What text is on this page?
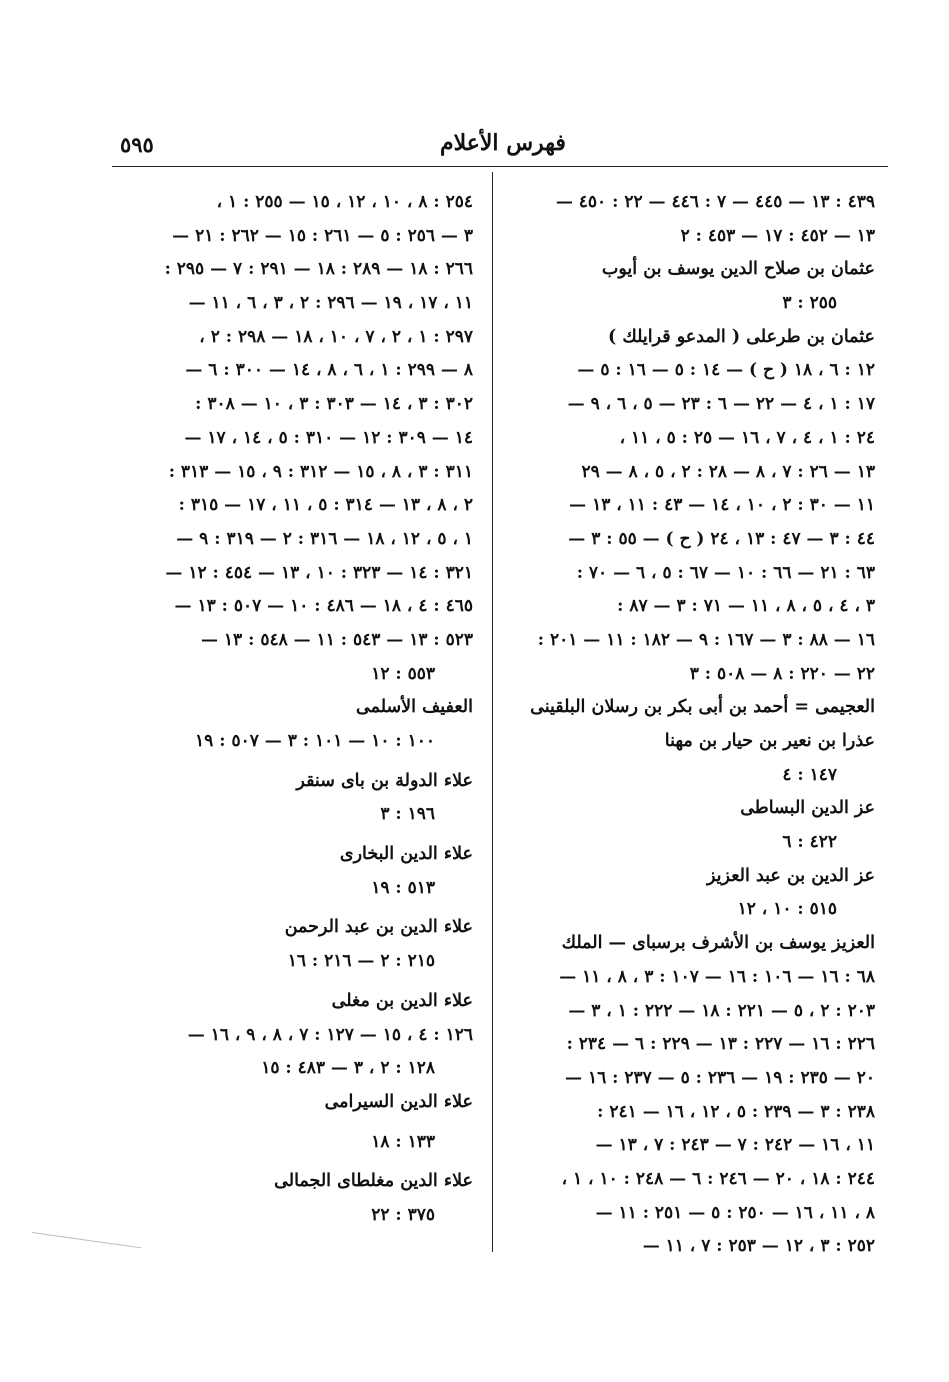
٥٩٥	فهرس الأعلام
٤٣٩ : ١٣ — ٤٤٥ — ٧ : ٤٤٦ — ٢٢ : ٤٥٠ —
١٣ — ٤٥٢ : ١٧ — ٤٥٣ : ٢
عثمان بن صلاح الدين يوسف بن أيوب
٢٥٥ : ٣
عثمان بن طرعلى ( المدعو قرايلك )
١٢ : ٦ ، ١٨ ( ح ) — ١٤ : ٥ — ١٦ : ٥ —
١٧ : ١ ، ٤ — ٢٢ — ٦ : ٢٣ — ٥ ، ٦ ، ٩ —
٢٤ : ١ ، ٤ ، ٧ ، ١٦ — ٢٥ : ٥ ، ١١ ،
١٣ — ٢٦ : ٧ ، ٨ — ٢٨ : ٢ ، ٥ ، ٨ — ٢٩
١١ — ٣٠ : ٢ ، ١٠ ، ١٤ — ٤٣ : ١١ ، ١٣ —
٤٤ : ٣ — ٤٧ : ١٣ ، ٢٤ ( ح ) — ٥٥ : ٣ —
٦٣ : ٢١ — ٦٦ : ١٠ — ٦٧ : ٥ ، ٦ — ٧٠ :
٣ ، ٤ ، ٥ ، ٨ ، ١١ — ٧١ : ٣ — ٨٧ :
١٦ — ٨٨ : ٣ — ١٦٧ : ٩ — ١٨٢ : ١١ — ٢٠١ :
٢٢ — ٢٢٠ : ٨ — ٥٠٨ : ٣
العجيمى = أحمد بن أبى بكر بن رسلان البلقينى
عذرا بن نعير بن حيار بن مهنا
١٤٧ : ٤
عز الدين البساطى
٤٢٢ : ٦
عز الدين بن عبد العزيز
٥١٥ : ١٠ ، ١٢
العزيز يوسف بن الأشرف برسباى — الملك
٦٨ : ١٦ — ١٠٦ : ١٦ — ١٠٧ : ٣ ، ٨ ، ١١ —
٢٠٣ : ٢ ، ٥ — ٢٢١ : ١٨ — ٢٢٢ : ١ ، ٣ —
٢٢٦ : ١٦ — ٢٢٧ : ١٣ — ٢٢٩ : ٦ — ٢٣٤ :
٢٠ — ٢٣٥ : ١٩ — ٢٣٦ : ٥ — ٢٣٧ : ١٦ —
٢٣٨ : ٣ — ٢٣٩ : ٥ ، ١٢ ، ١٦ — ٢٤١ :
١١ ، ١٦ — ٢٤٢ : ٧ — ٢٤٣ : ٧ ، ١٣ —
٢٤٤ : ١٨ ، ٢٠ — ٢٤٦ : ٦ — ٢٤٨ : ١٠ ، ١ ،
٨ ، ١١ ، ١٦ — ٢٥٠ : ٥ — ٢٥١ : ١١ —
٢٥٢ : ٣ ، ١٢ — ٢٥٣ : ٧ ، ١١ —
٢٥٤ : ٨ ، ١٠ ، ١٢ ، ١٥ — ٢٥٥ : ١ ،
٣ — ٢٥٦ : ٥ — ٢٦١ : ١٥ — ٢٦٢ : ٢١ —
٢٦٦ : ١٨ — ٢٨٩ : ١٨ — ٢٩١ : ٧ — ٢٩٥ :
١١ ، ١٧ ، ١٩ — ٢٩٦ : ٢ ، ٣ ، ٦ ، ١١ —
٢٩٧ : ١ ، ٢ ، ٧ ، ١٠ ، ١٨ — ٢٩٨ : ٢ ،
٨ — ٢٩٩ : ١ ، ٦ ، ٨ ، ١٤ — ٣٠٠ : ٦ —
٣٠٢ : ٣ ، ١٤ — ٣٠٣ : ٣ ، ١٠ — ٣٠٨ :
١٤ — ٣٠٩ : ١٢ — ٣١٠ : ٥ ، ١٤ ، ١٧ —
٣١١ : ٣ ، ٨ ، ١٥ — ٣١٢ : ٩ ، ١٥ — ٣١٣ :
٢ ، ٨ ، ١٣ — ٣١٤ : ٥ ، ١١ ، ١٧ — ٣١٥ :
١ ، ٥ ، ١٢ ، ١٨ — ٣١٦ : ٢ — ٣١٩ : ٩ —
٣٢١ : ١٤ — ٣٢٣ : ١٠ ، ١٣ — ٤٥٤ : ١٢ —
٤٦٥ : ٤ ، ١٨ — ٤٨٦ : ١٠ — ٥٠٧ : ١٣ —
٥٢٣ : ١٣ — ٥٤٣ : ١١ — ٥٤٨ : ١٣ —
٥٥٣ : ١٢
العفيف الأسلمى
١٠٠ : ١٠ — ١٠١ : ٣ — ٥٠٧ : ١٩
علاء الدولة بن باى سنقر
١٩٦ : ٣
علاء الدين البخارى
٥١٣ : ١٩
علاء الدين بن عبد الرحمن
٢١٥ : ٢ — ٢١٦ : ١٦
علاء الدين بن مغلى
١٢٦ : ٤ ، ١٥ — ١٢٧ : ٧ ، ٨ ، ٩ ، ١٦ —
١٢٨ : ٢ ، ٣ — ٤٨٣ : ١٥
علاء الدين السيرامى
١٣٣ : ١٨
علاء الدين مغلطاى الجمالى
٣٧٥ : ٢٢
